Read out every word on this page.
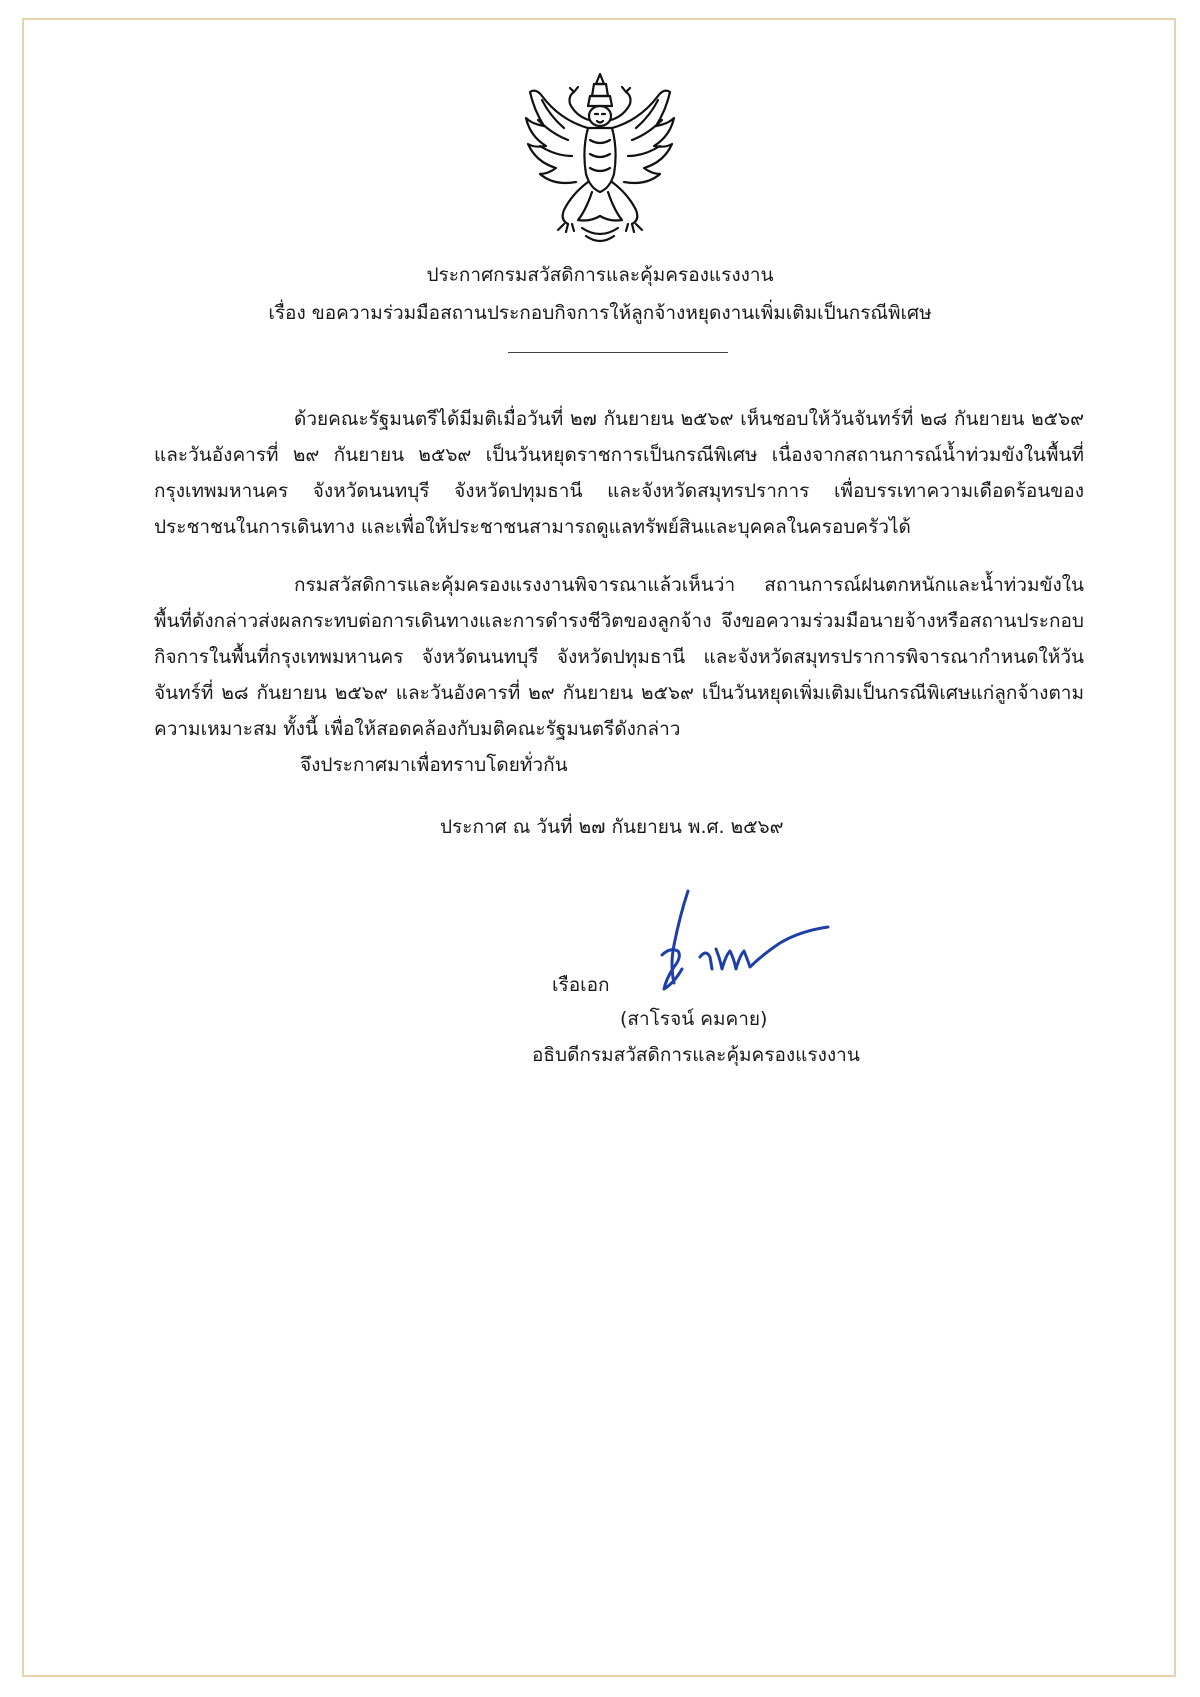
ประกาศกรมสวัสดิการและคุ้มครองแรงงาน
เรื่อง ขอความร่วมมือสถานประกอบกิจการให้ลูกจ้างหยุดงานเพิ่มเติมเป็นกรณีพิเศษ

ด้วยคณะรัฐมนตรีได้มีมติเมื่อวันที่ ๒๗ กันยายน ๒๕๖๙ เห็นชอบให้วันจันทร์ที่ ๒๘ กันยายน ๒๕๖๙ และวันอังคารที่ ๒๙ กันยายน ๒๕๖๙ เป็นวันหยุดราชการเป็นกรณีพิเศษ เนื่องจากสถานการณ์น้ำท่วมขังในพื้นที่กรุงเทพมหานคร จังหวัดนนทบุรี จังหวัดปทุมธานี และจังหวัดสมุทรปราการ เพื่อบรรเทาความเดือดร้อนของประชาชนในการเดินทาง และเพื่อให้ประชาชนสามารถดูแลทรัพย์สินและบุคคลในครอบครัวได้

กรมสวัสดิการและคุ้มครองแรงงานพิจารณาแล้วเห็นว่า สถานการณ์ฝนตกหนักและน้ำท่วมขังในพื้นที่ดังกล่าวส่งผลกระทบต่อการเดินทางและการดำรงชีวิตของลูกจ้าง จึงขอความร่วมมือนายจ้างหรือสถานประกอบกิจการในพื้นที่กรุงเทพมหานคร จังหวัดนนทบุรี จังหวัดปทุมธานี และจังหวัดสมุทรปราการพิจารณากำหนดให้วันจันทร์ที่ ๒๘ กันยายน ๒๕๖๙ และวันอังคารที่ ๒๙ กันยายน ๒๕๖๙ เป็นวันหยุดเพิ่มเติมเป็นกรณีพิเศษแก่ลูกจ้างตามความเหมาะสม ทั้งนี้ เพื่อให้สอดคล้องกับมติคณะรัฐมนตรีดังกล่าว

จึงประกาศมาเพื่อทราบโดยทั่วกัน
ประกาศ ณ วันที่ ๒๗ กันยายน พ.ศ. ๒๕๖๙
เรือเอก
(สาโรจน์ คมคาย)
อธิบดีกรมสวัสดิการและคุ้มครองแรงงาน
